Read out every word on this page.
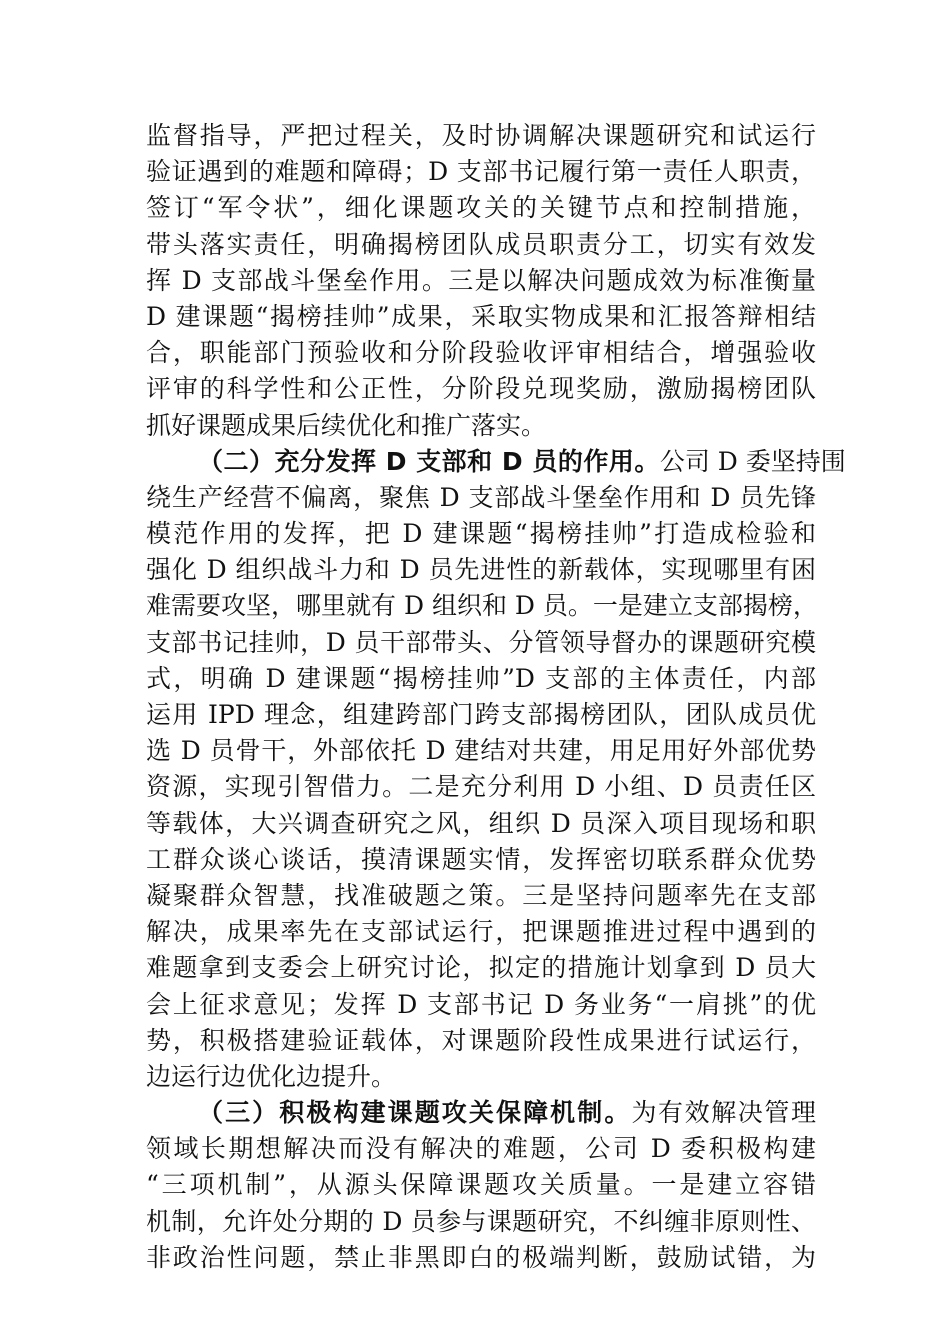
监督指导，严把过程关，及时协调解决课题研究和试运行
验证遇到的难题和障碍；D 支部书记履行第一责任人职责，
签订“军令状”，细化课题攻关的关键节点和控制措施，
带头落实责任，明确揭榜团队成员职责分工，切实有效发
挥 D 支部战斗堡垒作用。三是以解决问题成效为标准衡量
D 建课题“揭榜挂帅”成果，采取实物成果和汇报答辩相结
合，职能部门预验收和分阶段验收评审相结合，增强验收
评审的科学性和公正性，分阶段兑现奖励，激励揭榜团队
抓好课题成果后续优化和推广落实。
（二）充分发挥 D 支部和 D 员的作用。公司 D 委坚持围
绕生产经营不偏离，聚焦 D 支部战斗堡垒作用和 D 员先锋
模范作用的发挥，把 D 建课题“揭榜挂帅”打造成检验和
强化 D 组织战斗力和 D 员先进性的新载体，实现哪里有困
难需要攻坚，哪里就有 D 组织和 D 员。一是建立支部揭榜，
支部书记挂帅，D 员干部带头、分管领导督办的课题研究模
式，明确 D 建课题“揭榜挂帅”D 支部的主体责任，内部
运用 IPD 理念，组建跨部门跨支部揭榜团队，团队成员优
选 D 员骨干，外部依托 D 建结对共建，用足用好外部优势
资源，实现引智借力。二是充分利用 D 小组、D 员责任区
等载体，大兴调查研究之风，组织 D 员深入项目现场和职
工群众谈心谈话，摸清课题实情，发挥密切联系群众优势
凝聚群众智慧，找准破题之策。三是坚持问题率先在支部
解决，成果率先在支部试运行，把课题推进过程中遇到的
难题拿到支委会上研究讨论，拟定的措施计划拿到 D 员大
会上征求意见；发挥 D 支部书记 D 务业务“一肩挑”的优
势，积极搭建验证载体，对课题阶段性成果进行试运行，
边运行边优化边提升。
（三）积极构建课题攻关保障机制。为有效解决管理
领域长期想解决而没有解决的难题，公司 D 委积极构建
“三项机制”，从源头保障课题攻关质量。一是建立容错
机制，允许处分期的 D 员参与课题研究，不纠缠非原则性、
非政治性问题，禁止非黑即白的极端判断，鼓励试错，为
